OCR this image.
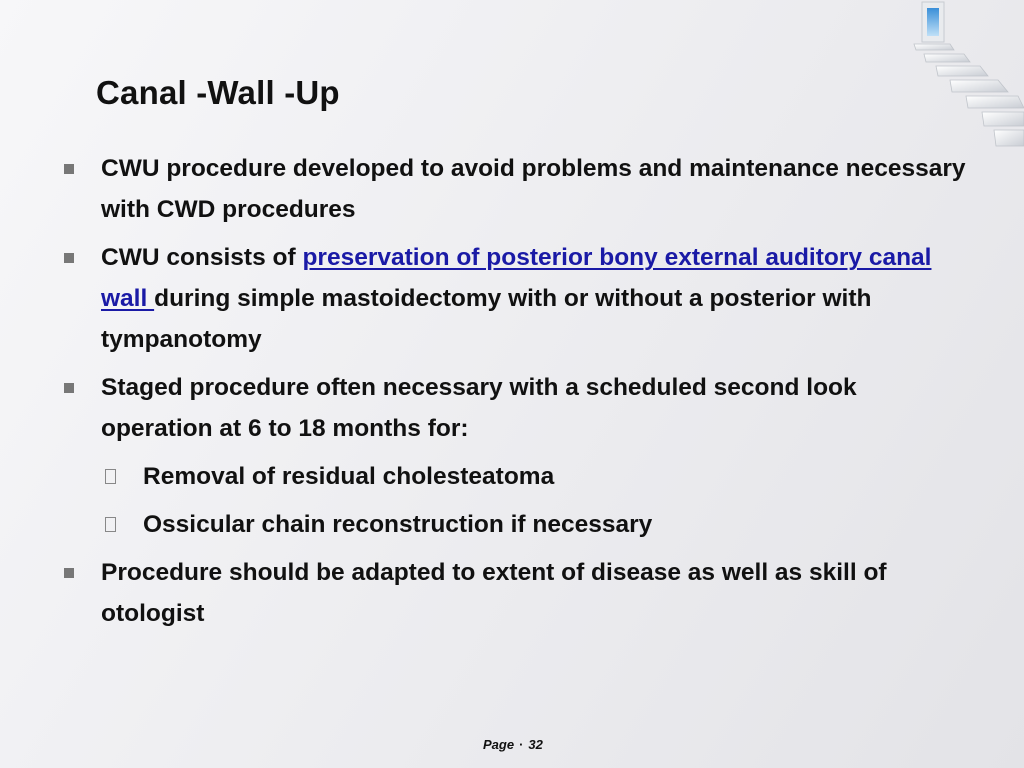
Canal -Wall -Up
CWU procedure developed to avoid problems and maintenance necessary with CWD procedures
CWU consists of preservation of posterior bony external auditory canal wall during simple mastoidectomy with or without a posterior with tympanotomy
Staged procedure often necessary with a scheduled second look operation at 6 to 18 months for:
Removal of residual cholesteatoma
Ossicular chain reconstruction if necessary
Procedure should be adapted to extent of disease as well as skill of otologist
Page · 32
